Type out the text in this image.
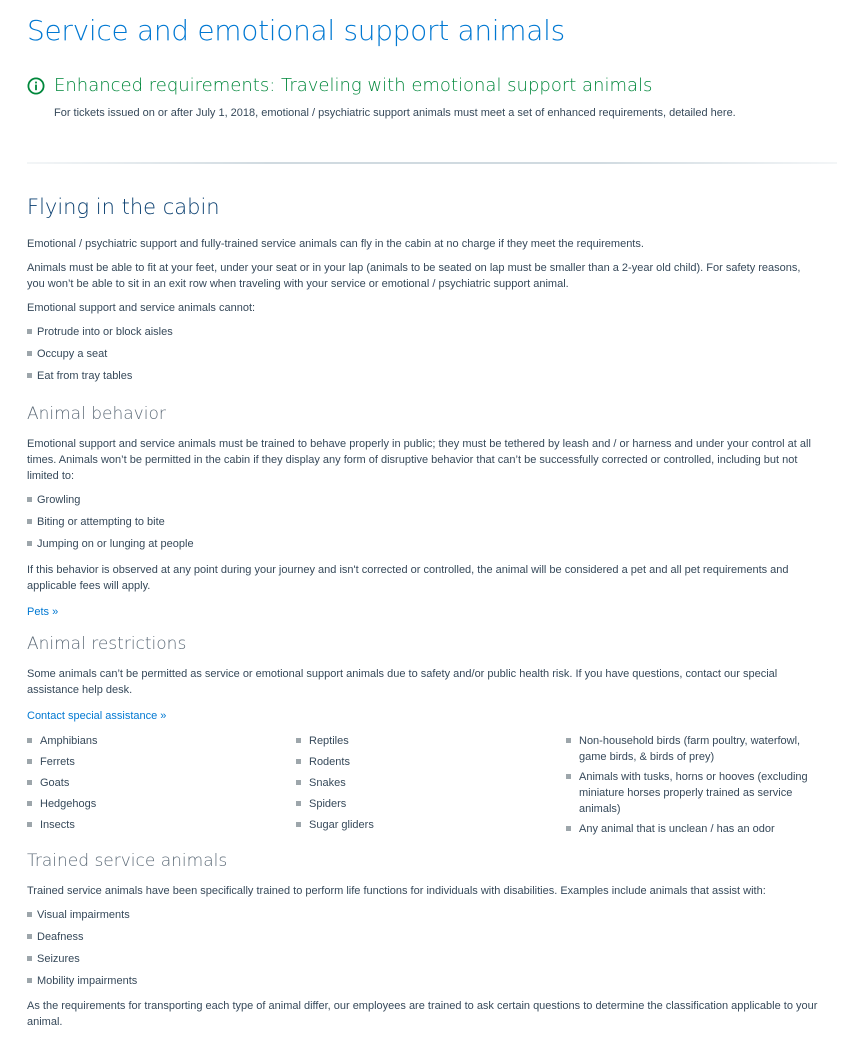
Service and emotional support animals
Enhanced requirements: Traveling with emotional support animals
For tickets issued on or after July 1, 2018, emotional / psychiatric support animals must meet a set of enhanced requirements, detailed here.
Flying in the cabin

Emotional / psychiatric support and fully-trained service animals can fly in the cabin at no charge if they meet the requirements.

Animals must be able to fit at your feet, under your seat or in your lap (animals to be seated on lap must be smaller than a 2-year old child). For safety reasons,
you won’t be able to sit in an exit row when traveling with your service or emotional / psychiatric support animal.

Emotional support and service animals cannot:

Protrude into or block aisles
Occupy a seat
Eat from tray tables
Animal behavior

Emotional support and service animals must be trained to behave properly in public; they must be tethered by leash and / or harness and under your control at all
times. Animals won’t be permitted in the cabin if they display any form of disruptive behavior that can’t be successfully corrected or controlled, including but not
limited to:

Growling
Biting or attempting to bite
Jumping on or lunging at people

If this behavior is observed at any point during your journey and isn't corrected or controlled, the animal will be considered a pet and all pet requirements and
applicable fees will apply.

Pets »
Animal restrictions

Some animals can’t be permitted as service or emotional support animals due to safety and/or public health risk. If you have questions, contact our special
assistance help desk.

Contact special assistance »
Amphibians
Ferrets
Goats
Hedgehogs
Insects
Reptiles
Rodents
Snakes
Spiders
Sugar gliders
Non-household birds (farm poultry, waterfowl,
game birds, & birds of prey)
Animals with tusks, horns or hooves (excluding
miniature horses properly trained as service
animals)
Any animal that is unclean / has an odor
Trained service animals

Trained service animals have been specifically trained to perform life functions for individuals with disabilities. Examples include animals that assist with:

Visual impairments
Deafness
Seizures
Mobility impairments

As the requirements for transporting each type of animal differ, our employees are trained to ask certain questions to determine the classification applicable to your
animal.
